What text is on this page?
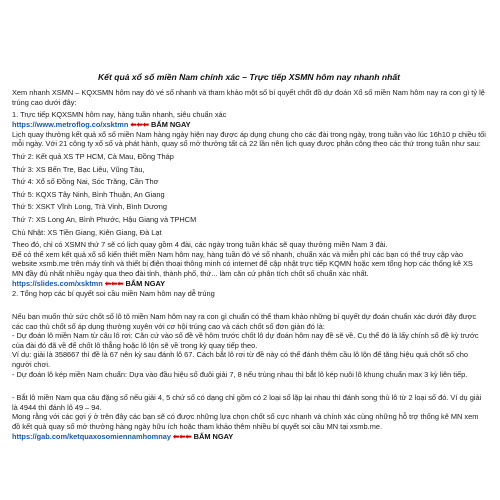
Kết quả xổ số miền Nam chính xác – Trực tiếp XSMN hôm nay nhanh nhất

Xem nhanh XSMN – KQXSMN hôm nay đỏ vé số nhanh và tham khảo một số bí quyết chốt đồ dự đoán Xổ số miền Nam hôm nay ra con gì tỷ lệ trúng cao dưới đây:

1. Trực tiếp KQXSMN hôm nay, hàng tuần nhanh, siêu chuẩn xác

https://www.metroflog.co/xsktmn ⬅⬅⬅ BẤM NGAY

Lịch quay thưởng kết quả xổ số miền Nam hàng ngày hiện nay được áp dụng chung cho các đài trong ngày, trong tuần vào lúc 16h10 p chiều tối mỗi ngày. Với 21 công ty xổ số và phát hành, quay số mở thưởng tất cả 22 lần nên lịch quay được phân công theo các thứ trong tuần như sau:

Thứ 2: Kết quả XS TP HCM, Cà Mau, Đồng Tháp

Thứ 3: XS Bến Tre, Bạc Liêu, Vũng Tàu,

Thứ 4: Xổ số Đồng Nai, Sóc Trăng, Cần Thơ

Thứ 5: KQXS Tây Ninh, Bình Thuận, An Giang

Thứ 5: XSKT Vĩnh Long, Trà Vinh, Bình Dương

Thứ 7: XS Long An, Bình Phước, Hậu Giang và TPHCM

Chủ Nhật: XS Tiền Giang, Kiên Giang, Đà Lạt

Theo đó, chỉ có XSMN thứ 7 sẽ có lịch quay gồm 4 đài, các ngày trong tuần khác sẽ quay thưởng miền Nam 3 đài.

Để có thể xem kết quả xổ số kiến thiết miền Nam hôm nay, hàng tuần đỏ vé số nhanh, chuẩn xác và miễn phí các bạn có thể truy cập vào website xsmb.me trên máy tính và thiết bị điện thoại thông minh có internet để cập nhật trực tiếp KQMN hoặc xem tổng hợp các thống kê XS MN đầy đủ nhất nhiều ngày qua theo đài tỉnh, thành phố, thứ... làm căn cứ phân tích chốt số chuẩn xác nhất.

https://slides.com/xsktmn ⬅⬅⬅ BẤM NGAY

2. Tổng hợp các bí quyết soi cầu miền Nam hôm nay dễ trúng

Nếu bạn muốn thử sức chốt số lô tô miền Nam hôm nay ra con gì chuẩn có thể tham khảo những bí quyết dự đoán chuẩn xác dưới đây được các cao thủ chốt số áp dụng thường xuyên với cơ hội trúng cao và cách chốt số đơn giản đó là:

- Dự đoán lô miền Nam từ câu lô rơi: Căn cứ vào số đề về hôm trước chốt lô dự đoán hôm nay đề sẽ về. Cụ thể đó là lấy chính số đề kỳ trước của đài đó đã về để chốt lô thẳng hoặc lô lộn sẽ về trong kỳ quay tiếp theo.

Ví dụ: giải là 358667 thì đề là 67 nên kỳ sau đánh lô 67. Cách bắt lô rơi từ đề này có thể đánh thêm cầu lô lộn để tăng hiệu quả chốt số cho người chơi.

- Dự đoán lô kép miền Nam chuẩn: Dựa vào đầu hiệu số đuôi giải 7, 8 nếu trùng nhau thì bắt lô kép nuôi lô khung chuẩn max 3 kỳ liên tiếp.

- Bắt lô miền Nam qua câu đặng số nếu giải 4, 5 chứ số có dạng chỉ gồm có 2 loại số lặp lại nhau thì đánh song thủ lô từ 2 loại số đó. Ví dụ giải là 4944 thì đánh lô 49 – 94.

Mong rằng với các gợi ý ở trên đây các bạn sẽ có được những lựa chọn chốt số cực nhanh và chính xác cùng những hỗ trợ thống kê MN xem đồ kết quả quay số mở thưởng hàng ngày hữu ích hoặc tham khảo thêm nhiều bí quyết soi cầu MN tại xsmb.me.

https://gab.com/ketquaxosomiennamhomnay ⬅⬅⬅ BẤM NGAY
